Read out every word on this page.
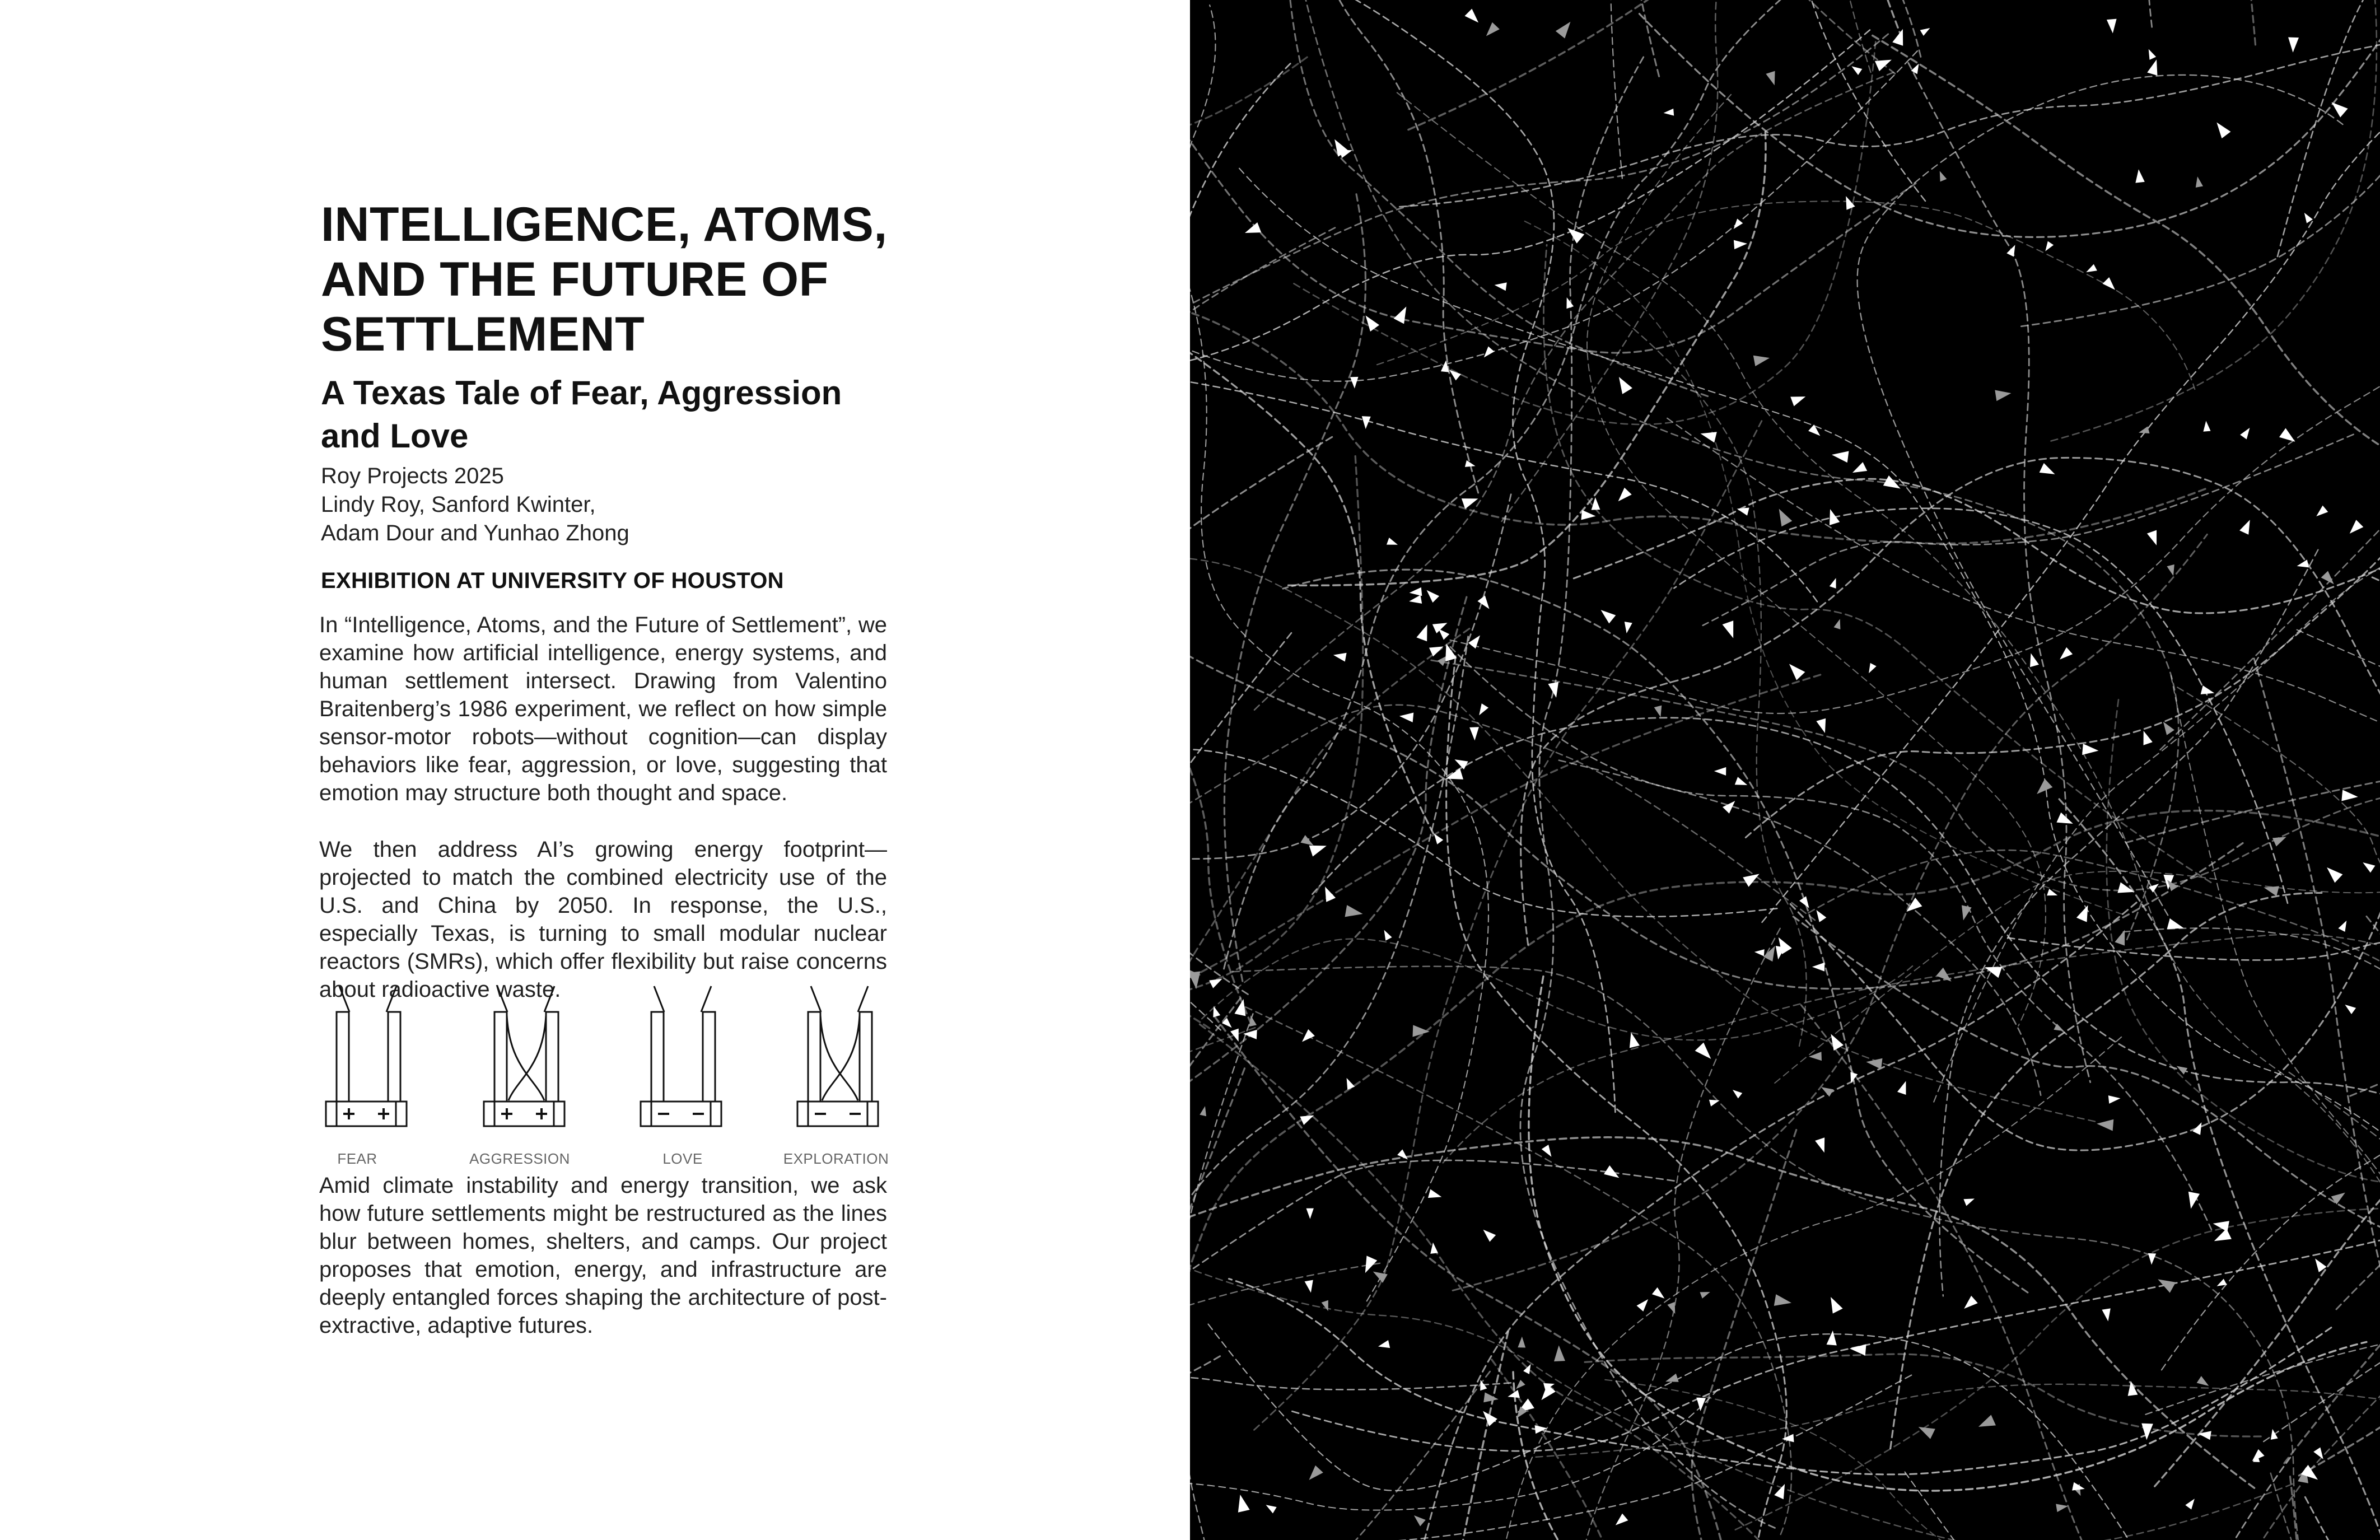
INTELLIGENCE, ATOMS,
AND THE FUTURE OF
SETTLEMENT
A Texas Tale of Fear, Aggression
and Love
Roy Projects 2025
Lindy Roy, Sanford Kwinter,
Adam Dour and Yunhao Zhong
EXHIBITION AT UNIVERSITY OF HOUSTON

In “Intelligence, Atoms, and the Future of Settlement”, we examine how artificial intelligence, energy systems, and human settlement intersect. Drawing from Valentino Braitenberg’s 1986 experiment, we reflect on how simple sensor-motor robots—without cognition—can display behaviors like fear, aggression, or love, suggesting that emotion may structure both thought and space.

We then address AI’s growing energy footprint—projected to match the combined electricity use of the U.S. and China by 2050. In response, the U.S., especially Texas, is turning to small modular nuclear reactors (SMRs), which offer flexibility but raise concerns about radioactive waste.

FEAR	AGGRESSION	LOVE	EXPLORATION

Amid climate instability and energy transition, we ask how future settlements might be restructured as the lines blur between homes, shelters, and camps. Our project proposes that emotion, energy, and infrastructure are deeply entangled forces shaping the architecture of post-extractive, adaptive futures.
